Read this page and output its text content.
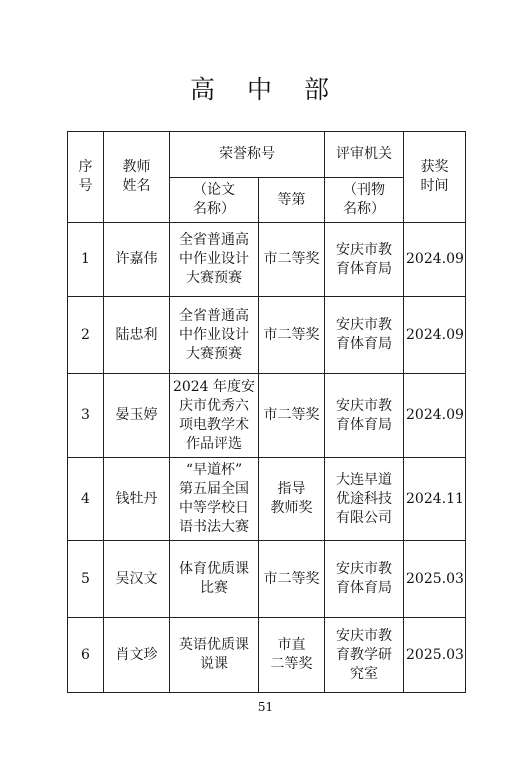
高 中 部
序
号	教师
姓名	荣誉称号		评审机关	获奖
时间

		（论文
名称）	等第	（刊物
名称）	

1	许嘉伟	全省普通高
中作业设计
大赛预赛	市二等奖	安庆市教
育体育局	2024.09
2	陆忠利	全省普通高
中作业设计
大赛预赛	市二等奖	安庆市教
育体育局	2024.09
3	晏玉婷	2024 年度安
庆市优秀六
项电教学术
作品评选	市二等奖	安庆市教
育体育局	2024.09
4	钱牡丹	“早道杯”
第五届全国
中等学校日
语书法大赛	指导
教师奖	大连早道
优途科技
有限公司	2024.11
5	吴汉文	体育优质课
比赛	市二等奖	安庆市教
育体育局	2025.03
6	肖文珍	英语优质课
说课	市直
二等奖	安庆市教
育教学研
究室	2025.03
51
